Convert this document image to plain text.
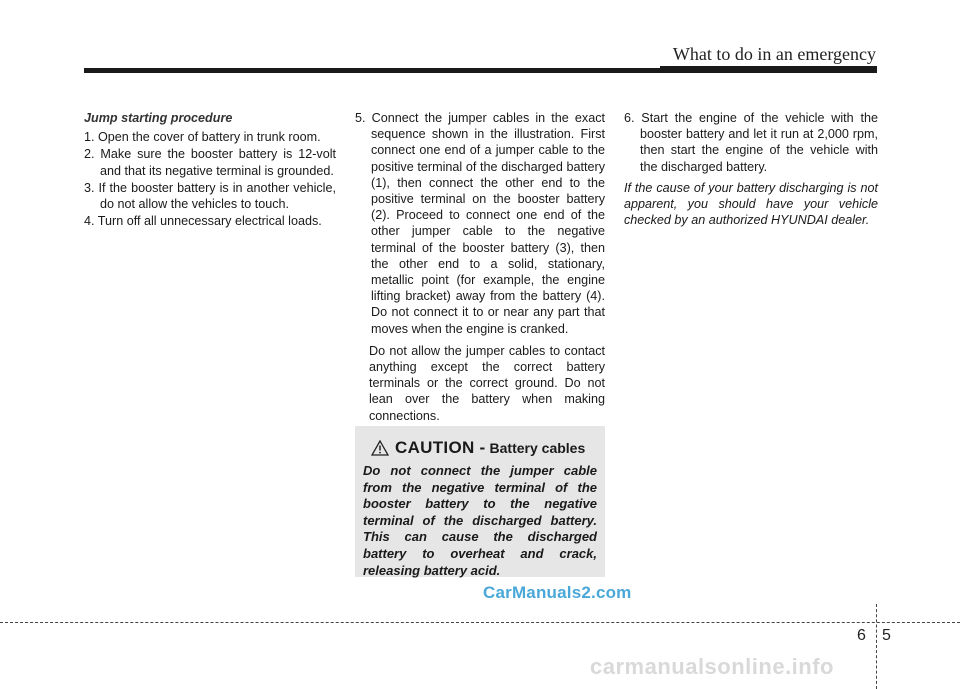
What to do in an emergency

Jump starting procedure

1. Open the cover of battery in trunk room.

2. Make sure the booster battery is 12-volt and that its negative terminal is grounded.

3. If the booster battery is in another vehicle, do not allow the vehicles to touch.

4. Turn off all unnecessary electrical loads.

5. Connect the jumper cables in the exact sequence shown in the illustration. First connect one end of a jumper cable to the positive terminal of the discharged battery (1), then connect the other end to the positive terminal on the booster battery (2). Proceed to connect one end of the other jumper cable to the negative terminal of the booster battery (3), then the other end to a solid, stationary, metallic point (for example, the engine lifting bracket) away from the battery (4). Do not connect it to or near any part that moves when the engine is cranked.

Do not allow the jumper cables to contact anything except the correct battery terminals or the correct ground. Do not lean over the battery when making connections.

CAUTION - Battery cables
Do not connect the jumper cable from the negative terminal of the booster battery to the negative terminal of the discharged battery. This can cause the discharged battery to overheat and crack, releasing battery acid.

6. Start the engine of the vehicle with the booster battery and let it run at 2,000 rpm, then start the engine of the vehicle with the discharged battery.

If the cause of your battery discharging is not apparent, you should have your vehicle checked by an authorized HYUNDAI dealer.

CarManuals2.com
6 5
carmanualsonline.info
